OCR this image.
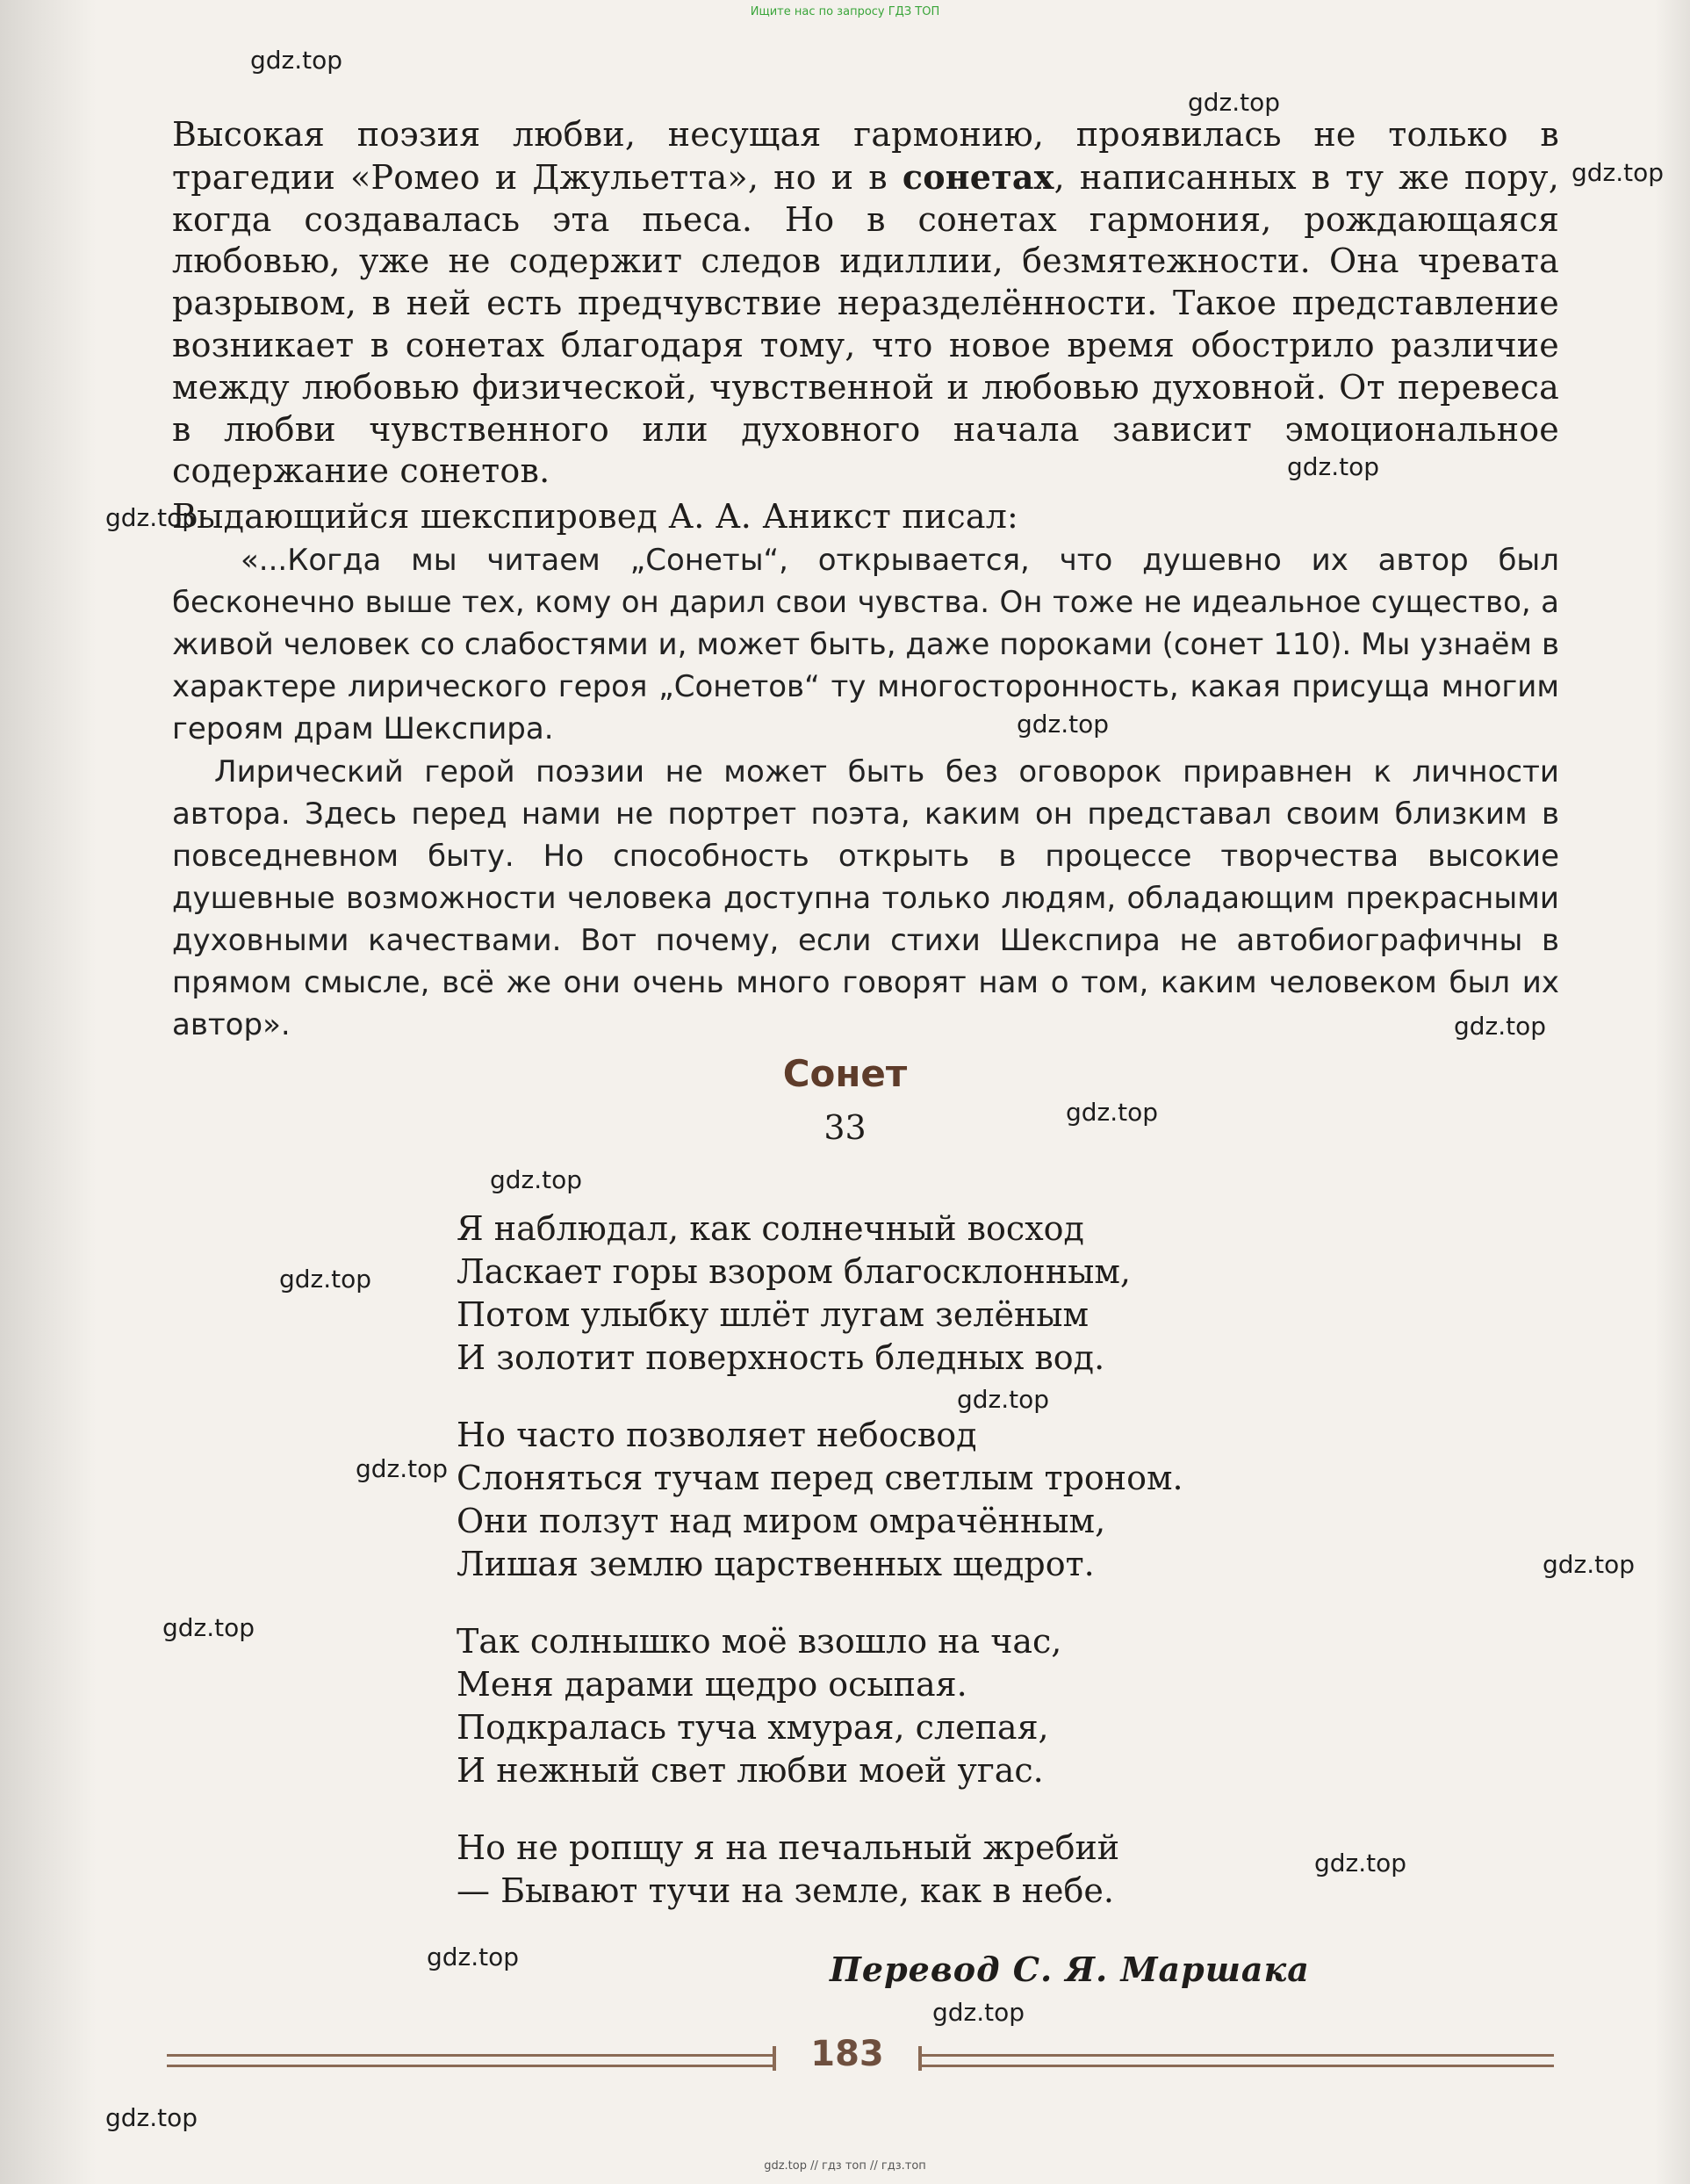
Ищите нас по запросу ГДЗ ТОП

Высокая поэзия любви, несущая гармонию, проявилась не только в трагедии «Ромео и Джульетта», но и в сонетах, написанных в ту же пору, когда создавалась эта пьеса. Но в сонетах гармония, рождающаяся любовью, уже не содержит следов идиллии, безмятежности. Она чревата разрывом, в ней есть предчувствие неразделённости. Такое представление возникает в сонетах благодаря тому, что новое время обострило различие между любовью физической, чувственной и любовью духовной. От перевеса в любви чувственного или духовного начала зависит эмоциональное содержание сонетов.

Выдающийся шекспировед А. А. Аникст писал:

«...Когда мы читаем „Сонеты“, открывается, что душевно их автор был бесконечно выше тех, кому он дарил свои чувства. Он тоже не идеальное существо, а живой человек со слабостями и, может быть, даже пороками (сонет 110). Мы узнаём в характере лирического героя „Сонетов“ ту многосторонность, какая присуща многим героям драм Шекспира.

Лирический герой поэзии не может быть без оговорок приравнен к личности автора. Здесь перед нами не портрет поэта, каким он представал своим близким в повседневном быту. Но способность открыть в процессе творчества высокие душевные возможности человека доступна только людям, обладающим прекрасными духовными качествами. Вот почему, если стихи Шекспира не автобиографичны в прямом смысле, всё же они очень много говорят нам о том, каким человеком был их автор».

Сонет
33
Я наблюдал, как солнечный восход
Ласкает горы взором благосклонным,
Потом улыбку шлёт лугам зелёным
И золотит поверхность бледных вод.
Но часто позволяет небосвод
Слоняться тучам перед светлым троном.
Они ползут над миром омрачённым,
Лишая землю царственных щедрот.
Так солнышко моё взошло на час,
Меня дарами щедро осыпая.
Подкралась туча хмурая, слепая,
И нежный свет любви моей угас.
Но не ропщу я на печальный жребий
— Бывают тучи на земле, как в небе.
Перевод С. Я. Маршака
183
gdz.top
gdz.top
gdz.top
gdz.top
gdz.top
gdz.top
gdz.top
gdz.top
gdz.top
gdz.top
gdz.top
gdz.top
gdz.top
gdz.top
gdz.top
gdz.top
gdz.top
gdz.top
gdz.top // гдз топ // гдз.топ
